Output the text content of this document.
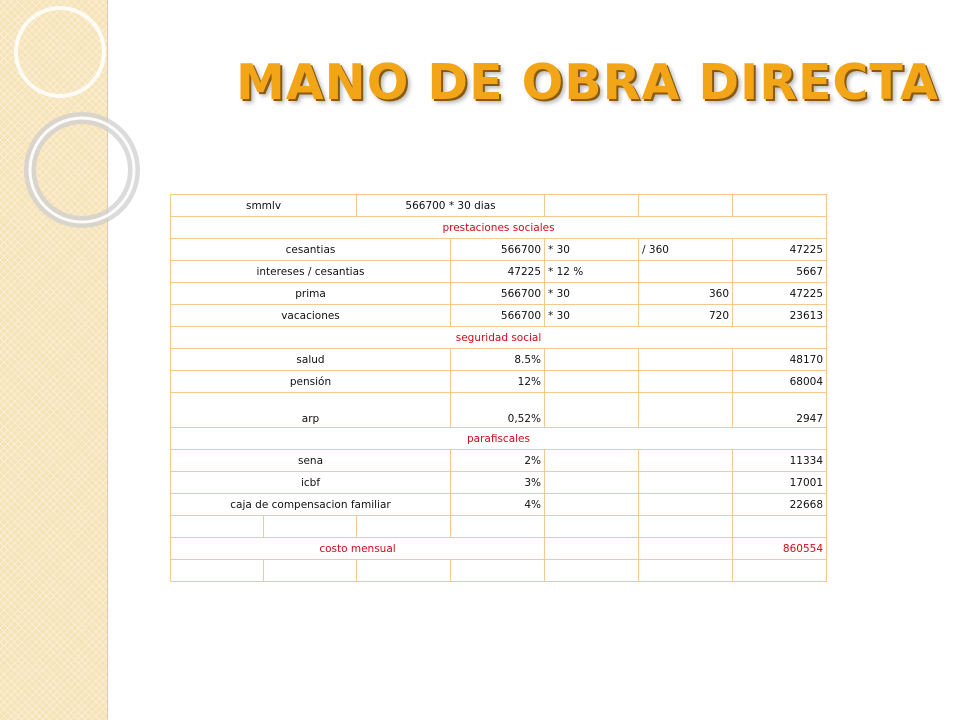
MANO DE OBRA DIRECTA
smmlv		566700 * 30 dias				
prestaciones sociales						
cesantias			566700	* 30	/ 360	47225
intereses / cesantias			47225	* 12 %		5667
prima			566700	* 30	360	47225
vacaciones			566700	* 30	720	23613
seguridad social						
salud			8.5%			48170
pensión			12%			68004
arp			0,52%			2947
parafiscales						
sena			2%			11334
icbf			3%			17001
caja de compensacion familiar			4%			22668

costo mensual						860554
